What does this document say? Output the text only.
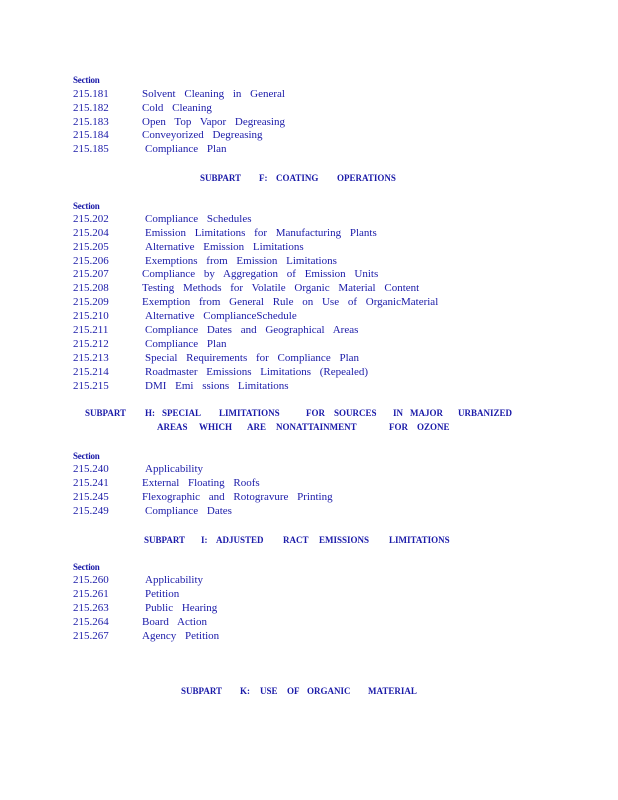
Section
215.181	Solvent Cleaning in General
215.182	Cold Cleaning
215.183	Open Top Vapor Degreasing
215.184	Conveyorized Degreasing
215.185	Compliance Plan
SUBPART F: COATING OPERATIONS
Section
215.202	Compliance Schedules
215.204	Emission Limitations for Manufacturing Plants
215.205	Alternative Emission Limitations
215.206	Exemptions from Emission Limitations
215.207	Compliance by Aggregation of Emission Units
215.208	Testing Methods for Volatile Organic Material Content
215.209	Exemption from General Rule on Use of OrganicMaterial
215.210	Alternative ComplianceSchedule
215.211	Compliance Dates and Geographical Areas
215.212	Compliance Plan
215.213	Special Requirements for Compliance Plan
215.214	Roadmaster Emissions Limitations (Repealed)
215.215	DMI Emi ssions Limitations
SUBPART H: SPECIAL LIMITATIONS	FOR SOURCES IN MAJOR URBANIZED
AREAS WHICH ARE NONATTAINMENT	FOR OZONE
Section
215.240	Applicability
215.241	External Floating Roofs
215.245	Flexographic and Rotogravure Printing
215.249	Compliance Dates
SUBPART I: ADJUSTED RACT EMISSIONS LIMITATIONS
Section
215.260	Applicability
215.261	Petition
215.263	Public Hearing
215.264	Board Action
215.267	Agency Petition
SUBPART K: USE OF ORGANIC MATERIAL
